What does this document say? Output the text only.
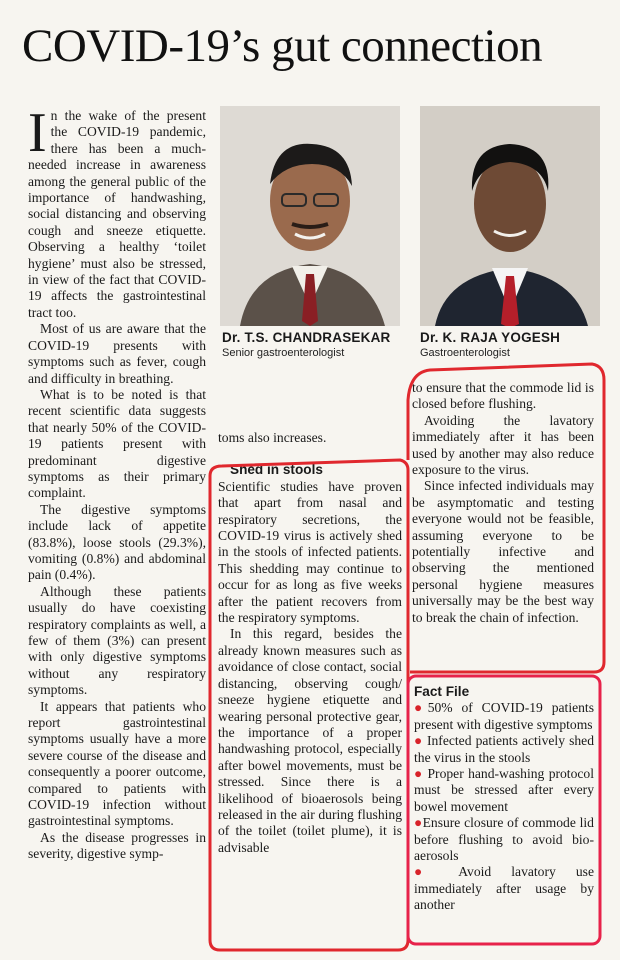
COVID-19’s gut connection

In the wake of the present the COVID-19 pandemic, there has been a much-needed increase in awareness among the general public of the importance of handwashing, social distancing and observing cough and sneeze etiquette. Observing a healthy ‘toilet hygiene’ must also be stressed, in view of the fact that COVID-19 affects the gastrointestinal tract too.

Most of us are aware that the COVID-19 presents with symptoms such as fever, cough and difficulty in breathing.

What is to be noted is that recent scientific data suggests that nearly 50% of the COVID-19 patients present with predominant digestive symptoms as their primary complaint.

The digestive symptoms include lack of appetite (83.8%), loose stools (29.3%), vomiting (0.8%) and abdominal pain (0.4%).

Although these patients usually do have coexisting respiratory complaints as well, a few of them (3%) can present with only digestive symptoms without any respiratory symptoms.

It appears that patients who report gastrointestinal symptoms usually have a more severe course of the disease and consequently a poorer outcome, compared to patients with COVID-19 infection without gastrointestinal symptoms.

As the disease progresses in severity, digestive symp-

Dr. T.S. CHANDRASEKAR
Senior gastroenterologist
Dr. K. RAJA YOGESH
Gastroenterologist

toms also increases.

Shed in stools

Scientific studies have proven that apart from nasal and respiratory secretions, the COVID-19 virus is actively shed in the stools of infected patients. This shedding may continue to occur for as long as five weeks after the patient recovers from the respiratory symptoms.

In this regard, besides the already known measures such as avoidance of close contact, social distancing, observing cough/ sneeze hygiene etiquette and wearing personal protective gear, the importance of a proper handwashing protocol, especially after bowel movements, must be stressed. Since there is a likelihood of bioaerosols being released in the air during flushing of the toilet (toilet plume), it is advisable

to ensure that the commode lid is closed before flushing.

Avoiding the lavatory immediately after it has been used by another may also reduce exposure to the virus.

Since infected individuals may be asymptomatic and testing everyone would not be feasible, assuming everyone to be potentially infective and observing the mentioned personal hygiene measures universally may be the best way to break the chain of infection.

Fact File

●50% of COVID-19 patients present with digestive symptoms

● Infected patients actively shed the virus in the stools

● Proper hand-washing protocol must be stressed after every bowel movement

●Ensure closure of commode lid before flushing to avoid bio-aerosols

● Avoid lavatory use immediately after usage by another
